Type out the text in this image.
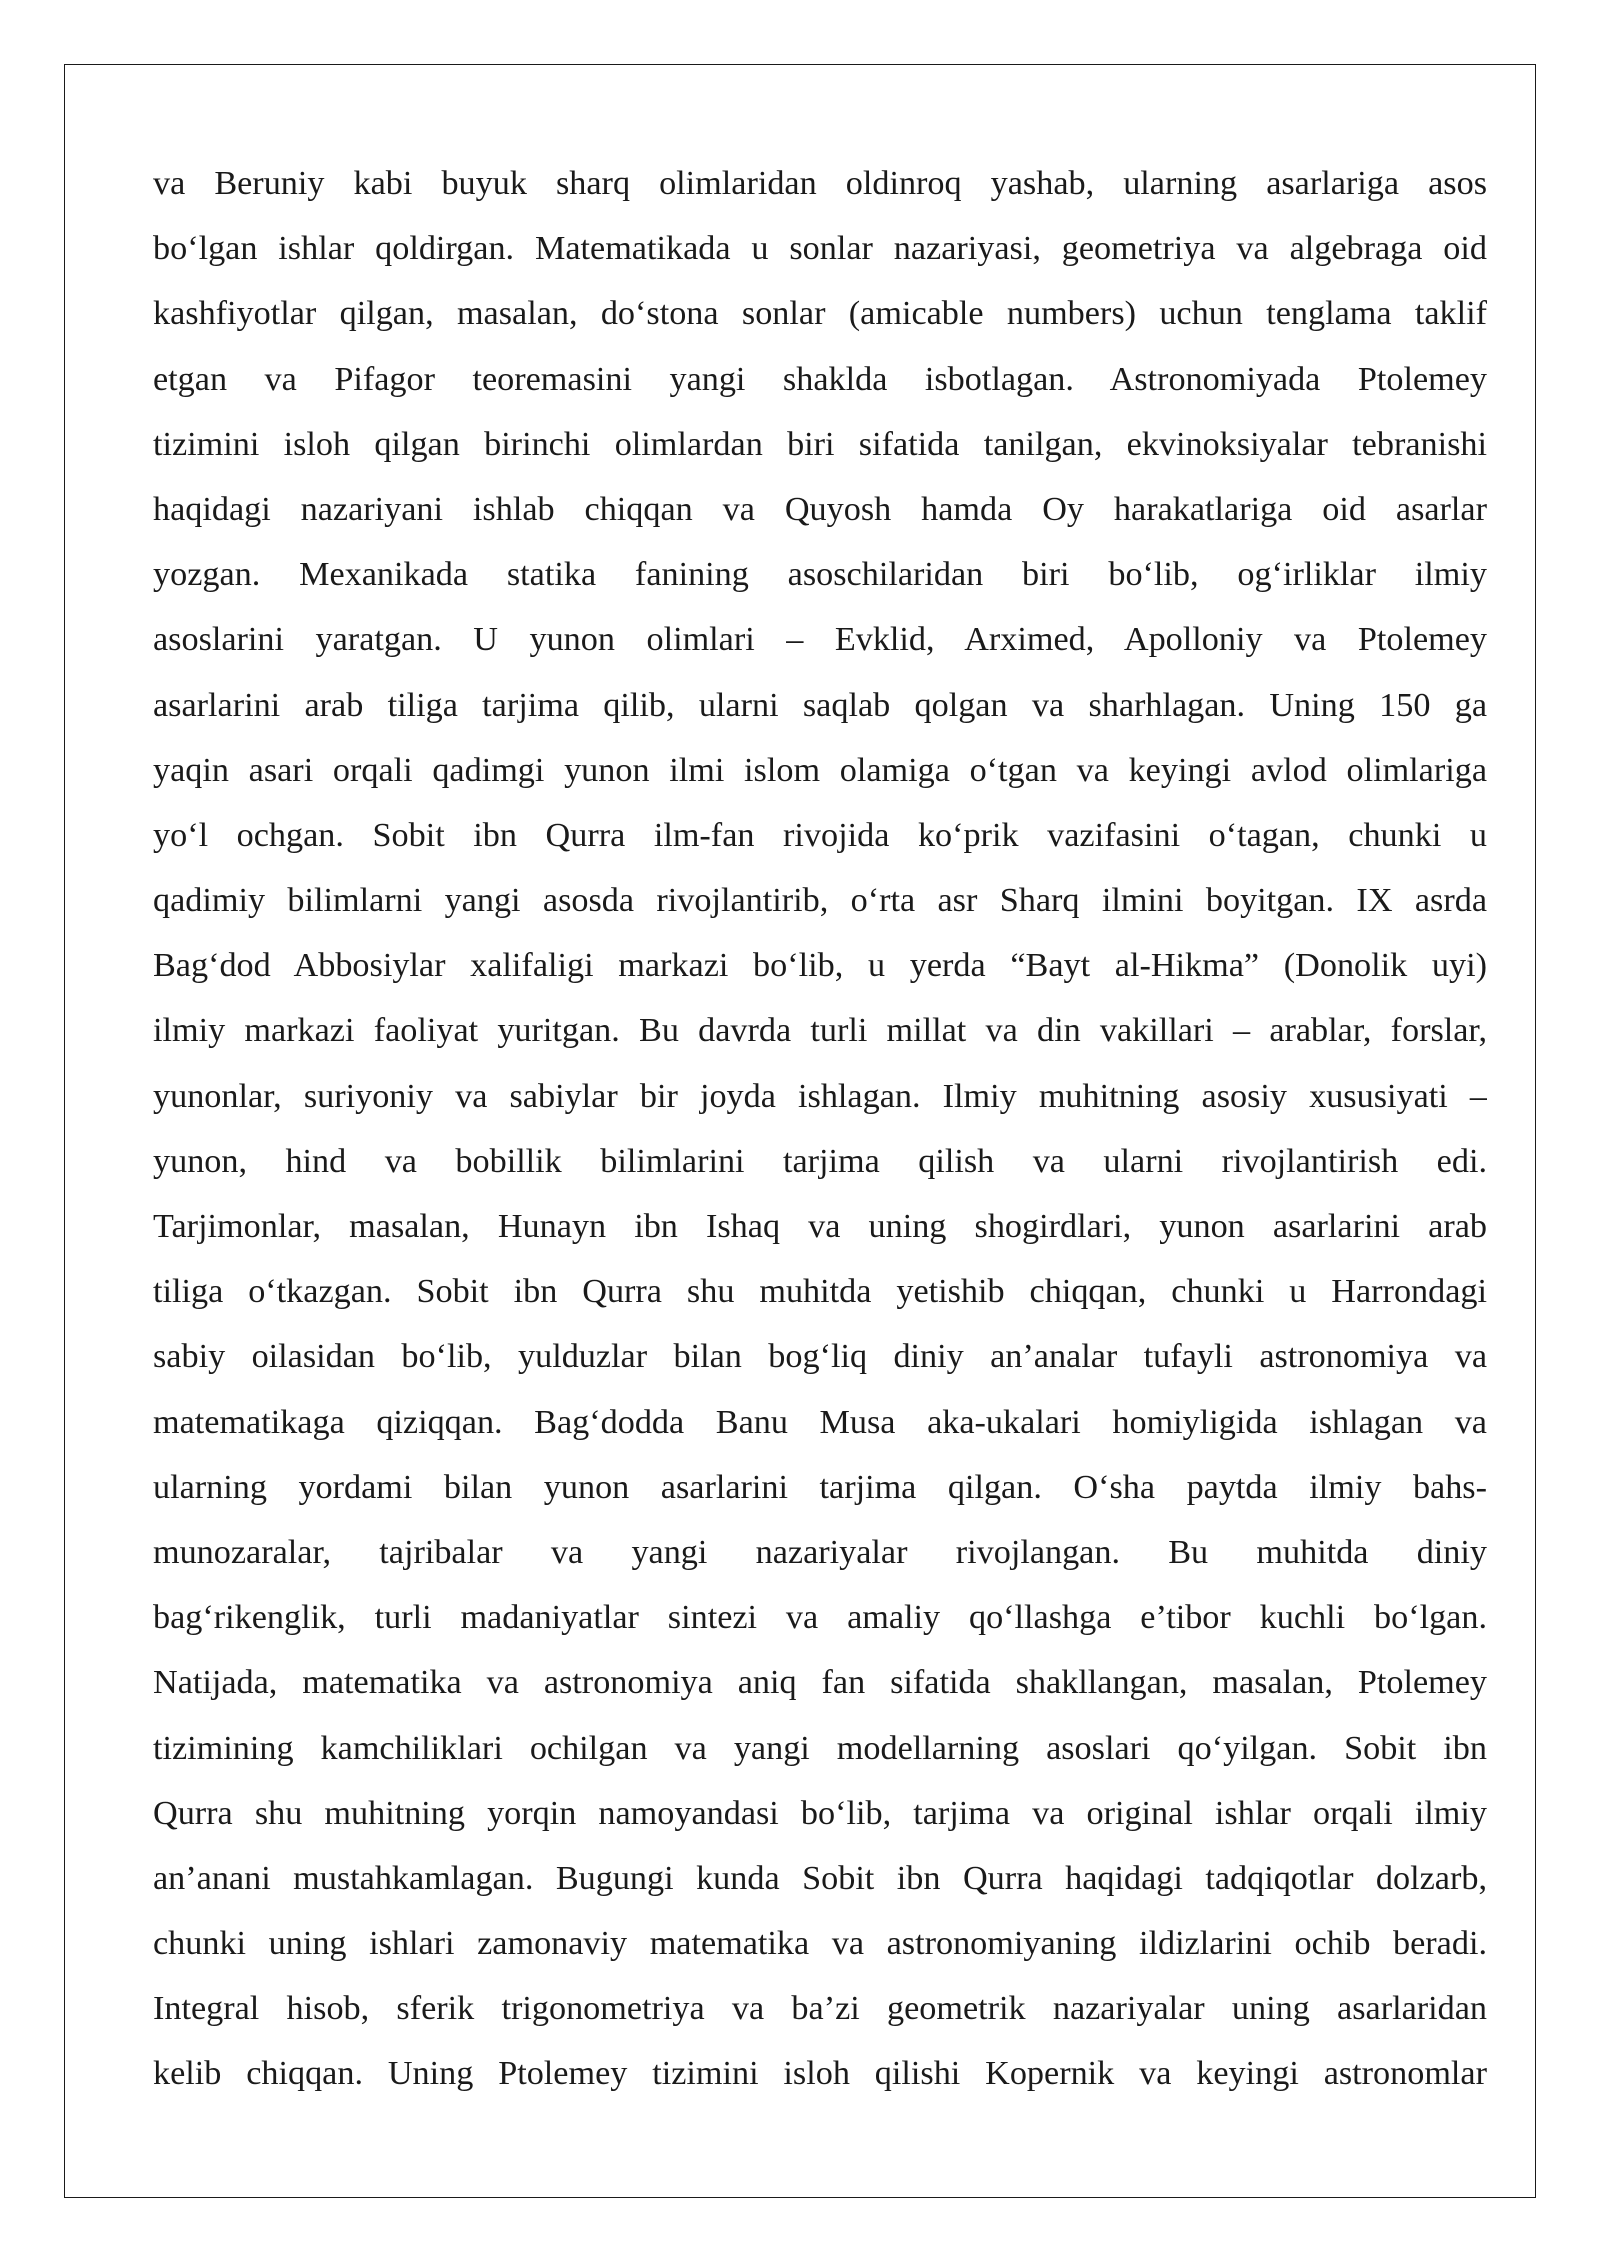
va Beruniy kabi buyuk sharq olimlaridan oldinroq yashab, ularning asarlariga asos
bo‘lgan ishlar qoldirgan. Matematikada u sonlar nazariyasi, geometriya va algebraga oid
kashfiyotlar qilgan, masalan, do‘stona sonlar (amicable numbers) uchun tenglama taklif
etgan va Pifagor teoremasini yangi shaklda isbotlagan. Astronomiyada Ptolemey
tizimini isloh qilgan birinchi olimlardan biri sifatida tanilgan, ekvinoksiyalar tebranishi
haqidagi nazariyani ishlab chiqqan va Quyosh hamda Oy harakatlariga oid asarlar
yozgan. Mexanikada statika fanining asoschilaridan biri bo‘lib, og‘irliklar ilmiy
asoslarini yaratgan. U yunon olimlari – Evklid, Arximed, Apolloniy va Ptolemey
asarlarini arab tiliga tarjima qilib, ularni saqlab qolgan va sharhlagan. Uning 150 ga
yaqin asari orqali qadimgi yunon ilmi islom olamiga o‘tgan va keyingi avlod olimlariga
yo‘l ochgan. Sobit ibn Qurra ilm-fan rivojida ko‘prik vazifasini o‘tagan, chunki u
qadimiy bilimlarni yangi asosda rivojlantirib, o‘rta asr Sharq ilmini boyitgan. IX asrda
Bag‘dod Abbosiylar xalifaligi markazi bo‘lib, u yerda “Bayt al-Hikma” (Donolik uyi)
ilmiy markazi faoliyat yuritgan. Bu davrda turli millat va din vakillari – arablar, forslar,
yunonlar, suriyoniy va sabiylar bir joyda ishlagan. Ilmiy muhitning asosiy xususiyati –
yunon, hind va bobillik bilimlarini tarjima qilish va ularni rivojlantirish edi.
Tarjimonlar, masalan, Hunayn ibn Ishaq va uning shogirdlari, yunon asarlarini arab
tiliga o‘tkazgan. Sobit ibn Qurra shu muhitda yetishib chiqqan, chunki u Harrondagi
sabiy oilasidan bo‘lib, yulduzlar bilan bog‘liq diniy an’analar tufayli astronomiya va
matematikaga qiziqqan. Bag‘dodda Banu Musa aka-ukalari homiyligida ishlagan va
ularning yordami bilan yunon asarlarini tarjima qilgan. O‘sha paytda ilmiy bahs-
munozaralar, tajribalar va yangi nazariyalar rivojlangan. Bu muhitda diniy
bag‘rikenglik, turli madaniyatlar sintezi va amaliy qo‘llashga e’tibor kuchli bo‘lgan.
Natijada, matematika va astronomiya aniq fan sifatida shakllangan, masalan, Ptolemey
tizimining kamchiliklari ochilgan va yangi modellarning asoslari qo‘yilgan. Sobit ibn
Qurra shu muhitning yorqin namoyandasi bo‘lib, tarjima va original ishlar orqali ilmiy
an’anani mustahkamlagan. Bugungi kunda Sobit ibn Qurra haqidagi tadqiqotlar dolzarb,
chunki uning ishlari zamonaviy matematika va astronomiyaning ildizlarini ochib beradi.
Integral hisob, sferik trigonometriya va ba’zi geometrik nazariyalar uning asarlaridan
kelib chiqqan. Uning Ptolemey tizimini isloh qilishi Kopernik va keyingi astronomlar
